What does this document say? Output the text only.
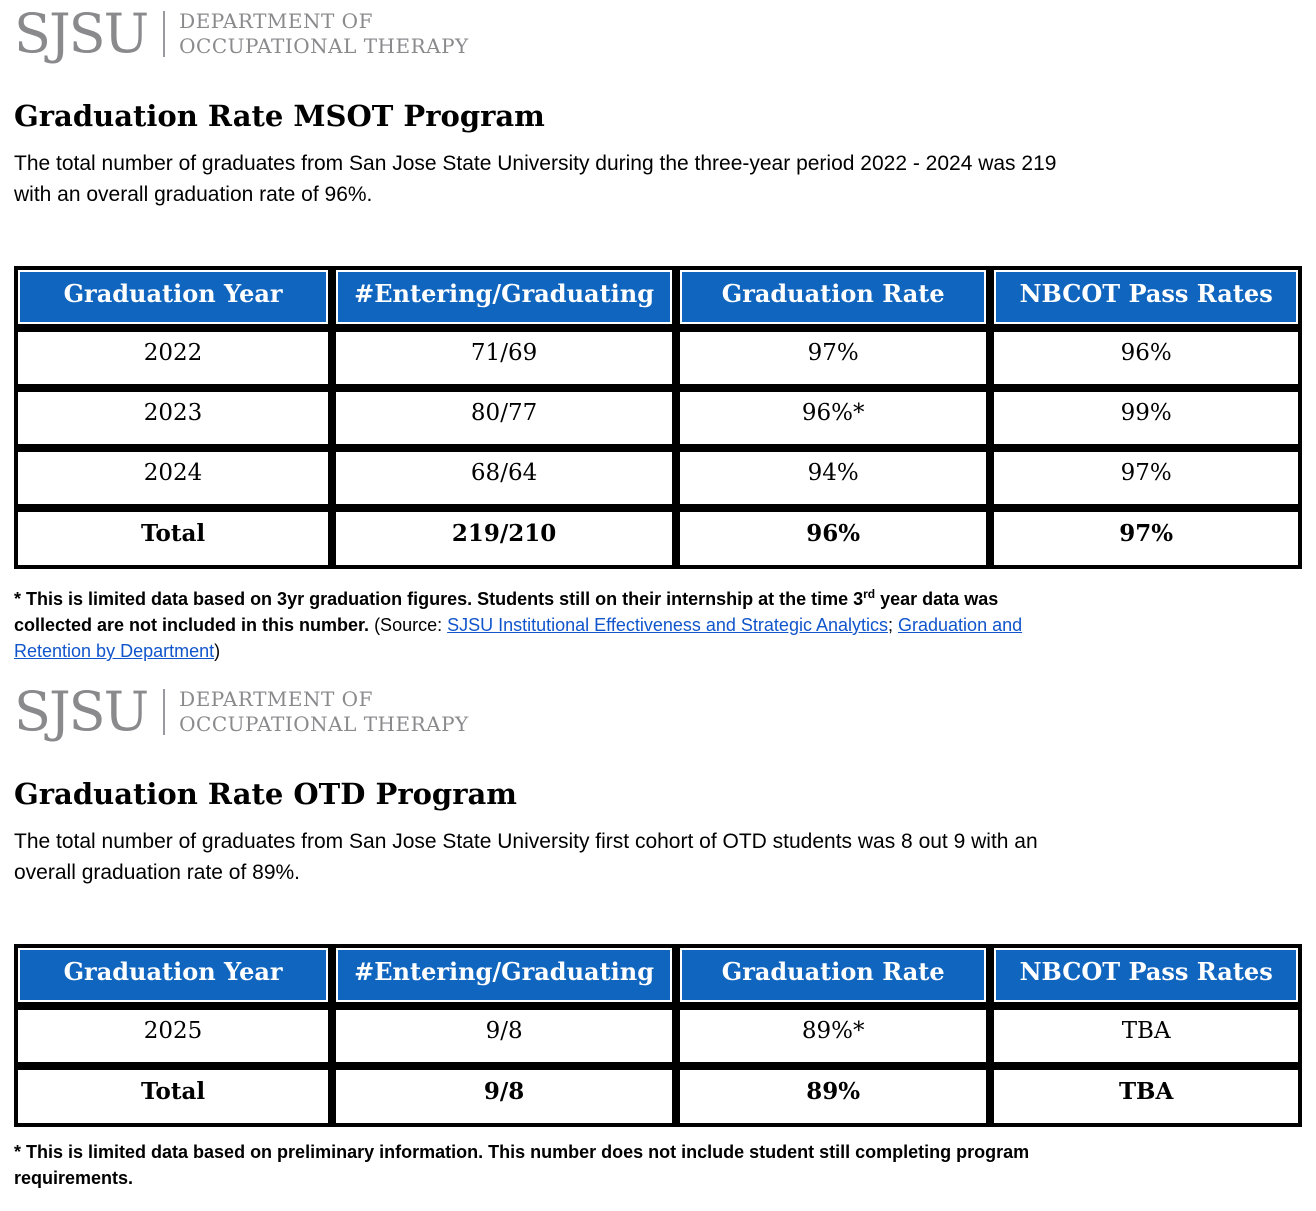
SJSU DEPARTMENT OF
OCCUPATIONAL THERAPY
Graduation Rate MSOT Program

The total number of graduates from San Jose State University during the three-year period 2022 - 2024 was 219 with an overall graduation rate of 96%.

Graduation Year	#Entering/Graduating	Graduation Rate	NBCOT Pass Rates
2022	71/69	97%	96%
2023	80/77	96%*	99%
2024	68/64	94%	97%
Total	219/210	96%	97%

* This is limited data based on 3yr graduation figures. Students still on their internship at the time 3rd year data was collected are not included in this number. (Source: SJSU Institutional Effectiveness and Strategic Analytics; Graduation and Retention by Department)

SJSU DEPARTMENT OF
OCCUPATIONAL THERAPY
Graduation Rate OTD Program

The total number of graduates from San Jose State University first cohort of OTD students was 8 out 9 with an overall graduation rate of 89%.

Graduation Year	#Entering/Graduating	Graduation Rate	NBCOT Pass Rates
2025	9/8	89%*	TBA
Total	9/8	89%	TBA

* This is limited data based on preliminary information. This number does not include student still completing program requirements.
